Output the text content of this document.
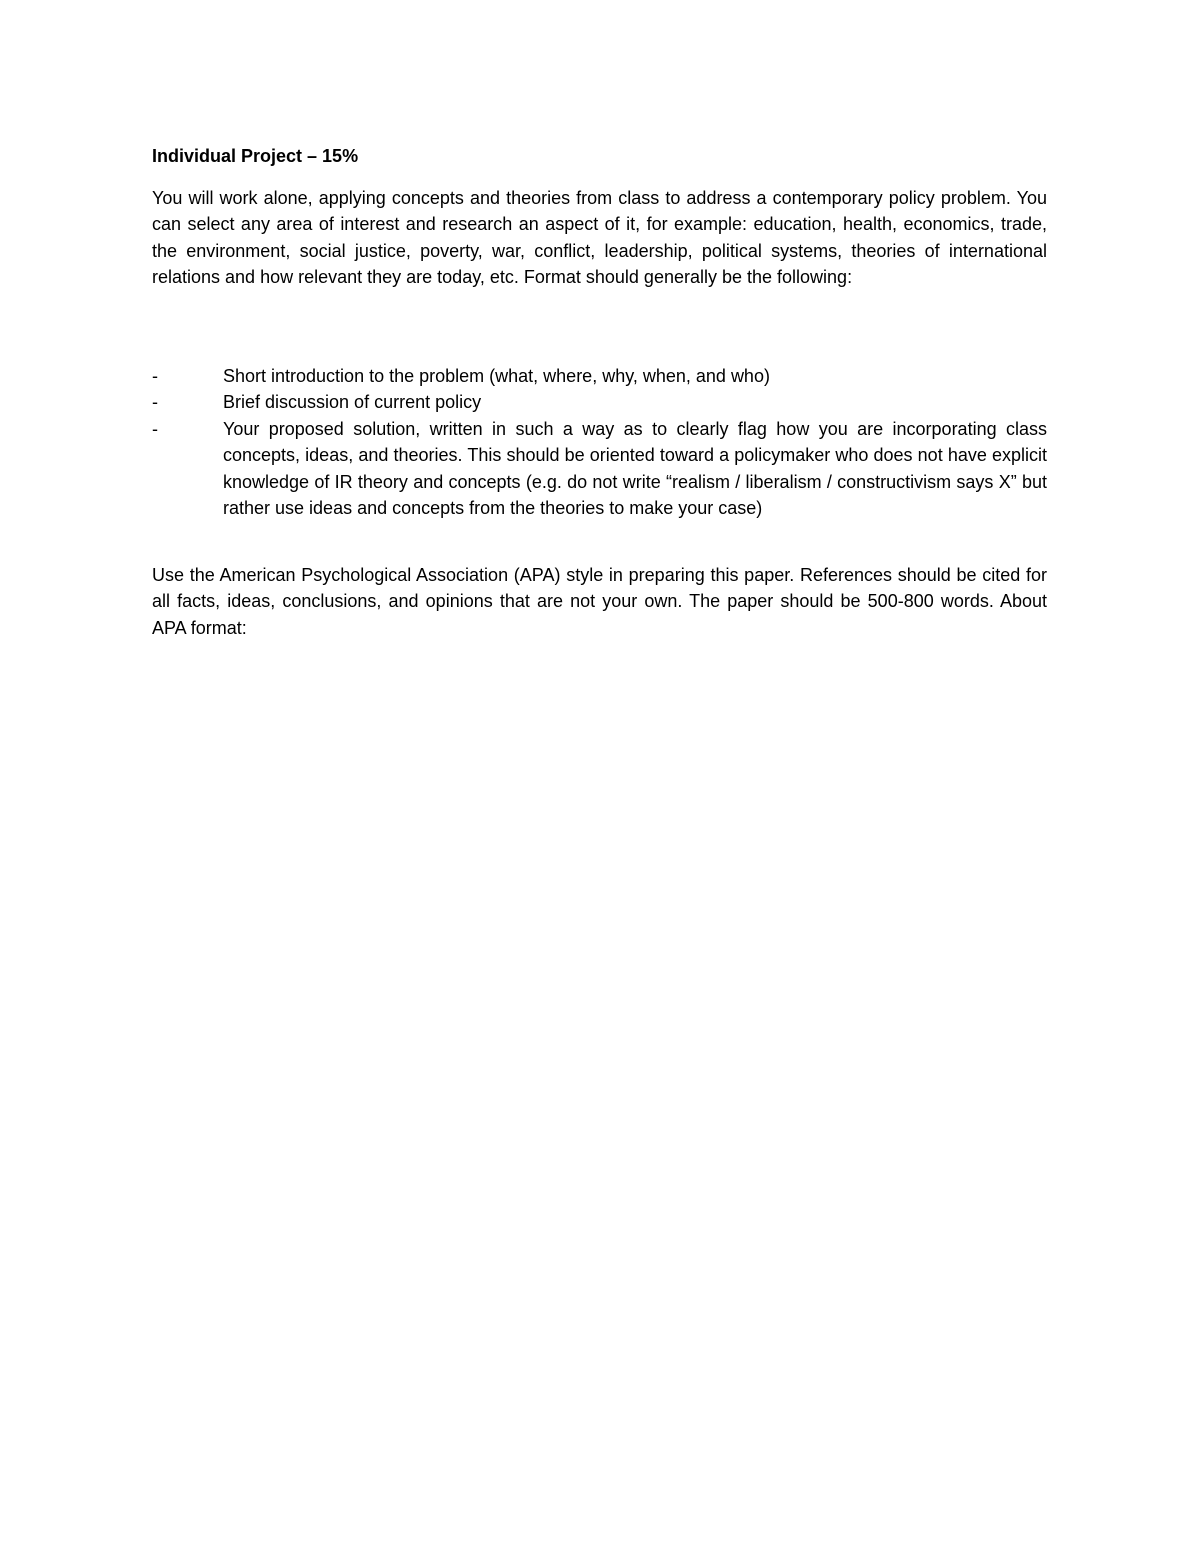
Individual Project – 15%

You will work alone, applying concepts and theories from class to address a contemporary policy problem. You can select any area of interest and research an aspect of it, for example: education, health, economics, trade, the environment, social justice, poverty, war, conflict, leadership, political systems, theories of international relations and how relevant they are today, etc. Format should generally be the following:

-	Short introduction to the problem (what, where, why, when, and who)
-	Brief discussion of current policy
-	Your proposed solution, written in such a way as to clearly flag how you are incorporating class concepts, ideas, and theories. This should be oriented toward a policymaker who does not have explicit knowledge of IR theory and concepts (e.g. do not write “realism / liberalism / constructivism says X” but rather use ideas and concepts from the theories to make your case)

Use the American Psychological Association (APA) style in preparing this paper. References should be cited for all facts, ideas, conclusions, and opinions that are not your own. The paper should be 500-800 words. About APA format:
